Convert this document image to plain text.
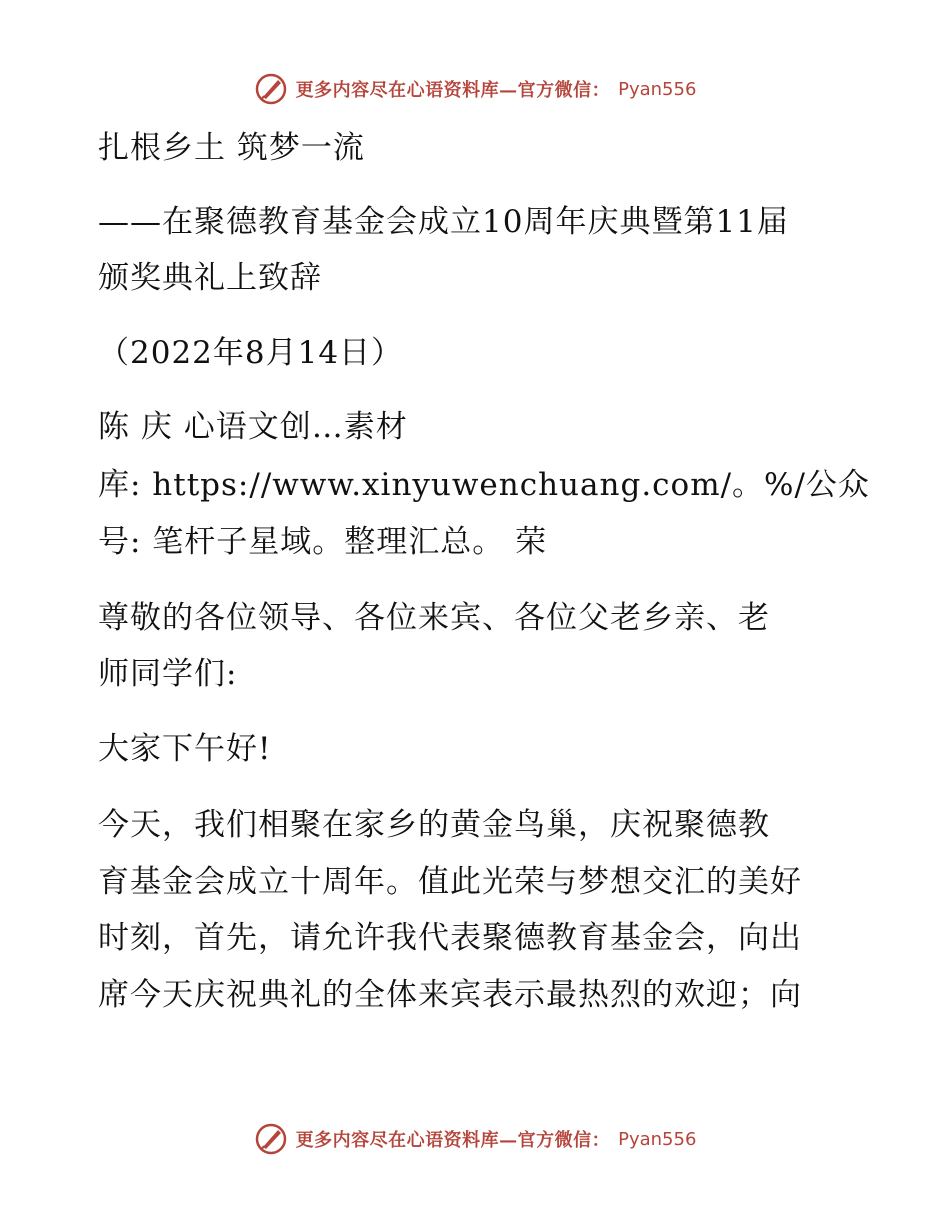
更多内容尽在心语资料库—官方微信： Pyan556
扎根乡土 筑梦一流
——在聚德教育基金会成立10周年庆典暨第11届
颁奖典礼上致辞
（2022年8月14日）
陈 庆 心语文创…素材
库: https://www.xinyuwenchuang.com/。%/公众
号: 笔杆子星域。整理汇总。 荣
尊敬的各位领导、各位来宾、各位父老乡亲、老
师同学们:
大家下午好!
今天，我们相聚在家乡的黄金鸟巢，庆祝聚德教
育基金会成立十周年。值此光荣与梦想交汇的美好
时刻，首先，请允许我代表聚德教育基金会，向出
席今天庆祝典礼的全体来宾表示最热烈的欢迎；向
更多内容尽在心语资料库—官方微信： Pyan556
